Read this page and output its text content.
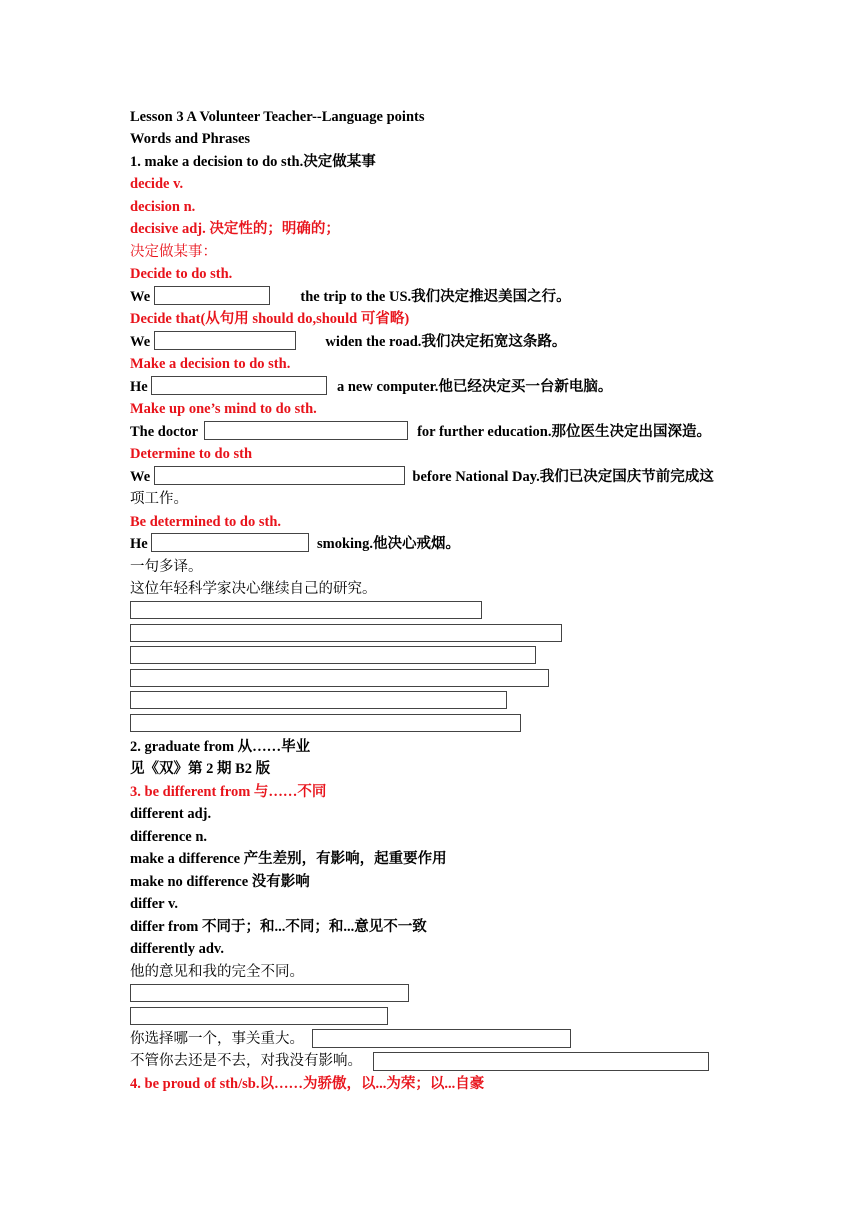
Lesson 3 A Volunteer Teacher--Language points
Words and Phrases
1. make a decision to do sth.决定做某事
decide v.
decision n.
decisive adj. 决定性的；明确的；
决定做某事：
Decide to do sth.
We	the trip to the US.我们决定推迟美国之行。
Decide that(从句用 should do,should 可省略)
We	widen the road.我们决定拓宽这条路。
Make a decision to do sth.
He	a new computer.他已经决定买一台新电脑。
Make up one’s mind to do sth.
The doctor	for further education.那位医生决定出国深造。
Determine to do sth
We	before National Day.我们已决定国庆节前完成这
项工作。
Be determined to do sth.
He	smoking.他决心戒烟。
一句多译。
这位年轻科学家决心继续自己的研究。
2. graduate from 从……毕业
见《双》第 2 期 B2 版
3. be different from 与……不同
different adj.
difference n.
make a difference 产生差别，有影响，起重要作用
make no difference 没有影响
differ v.
differ from 不同于；和...不同；和...意见不一致
differently adv.
他的意见和我的完全不同。
你选择哪一个，事关重大。
不管你去还是不去，对我没有影响。
4. be proud of sth/sb.以……为骄傲，以...为荣；以...自豪
